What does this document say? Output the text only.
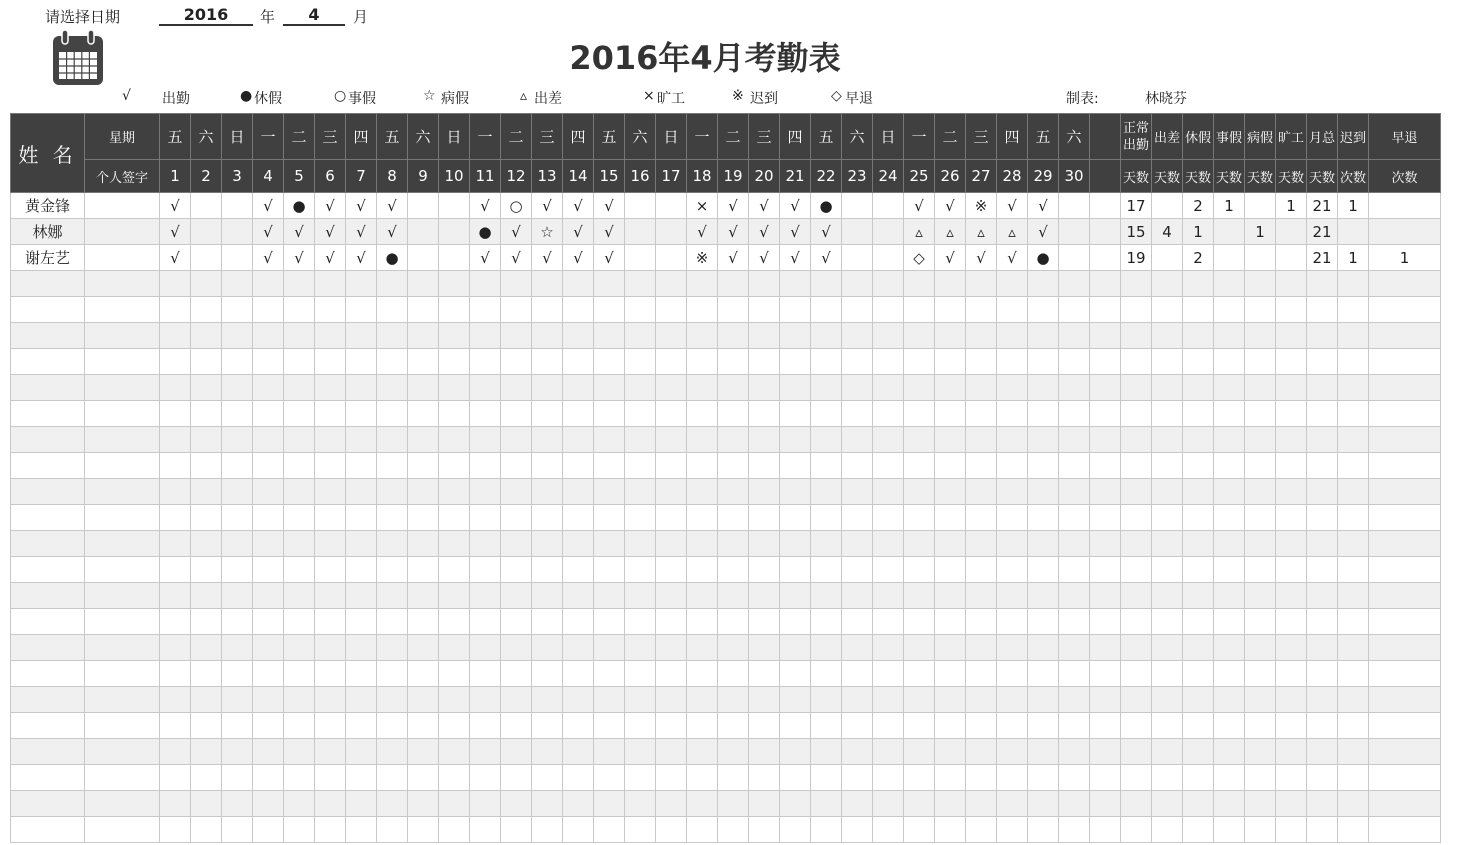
请选择日期	2016	年	4	月
2016年4月考勤表
√ 出勤	● 休假	○ 事假	☆ 病假	▵ 出差	× 旷工	※ 迟到	◇ 早退	制表:	林晓芬
姓 名	星期	五	六	日	一	二	三	四	五	六	日	一	二	三	四	五	六	日	一	二	三	四	五	六	日	一	二	三	四	五	六		正常出勤	出差	休假	事假	病假	旷工	月总	迟到	早退	
	个人签字	1	2	3	4	5	6	7	8	9	10	11	12	13	14	15	16	17	18	19	20	21	22	23	24	25	26	27	28	29	30		天数	天数	天数	天数	天数	天数	天数	次数	次数	
黄金锋		√			√	●	√	√	√			√	○	√	√	√			×	√	√	√	●			√	√	※	√	√			17		2	1		1	21	1		
林娜		√			√	√	√	√	√			●	√	☆	√	√			√	√	√	√	√			▵	▵	▵	▵	√			15	4	1		1		21			
谢左艺		√			√	√	√	√	●			√	√	√	√	√			※	√	√	√	√			◇	√	√	√	●			19		2				21	1	1	
